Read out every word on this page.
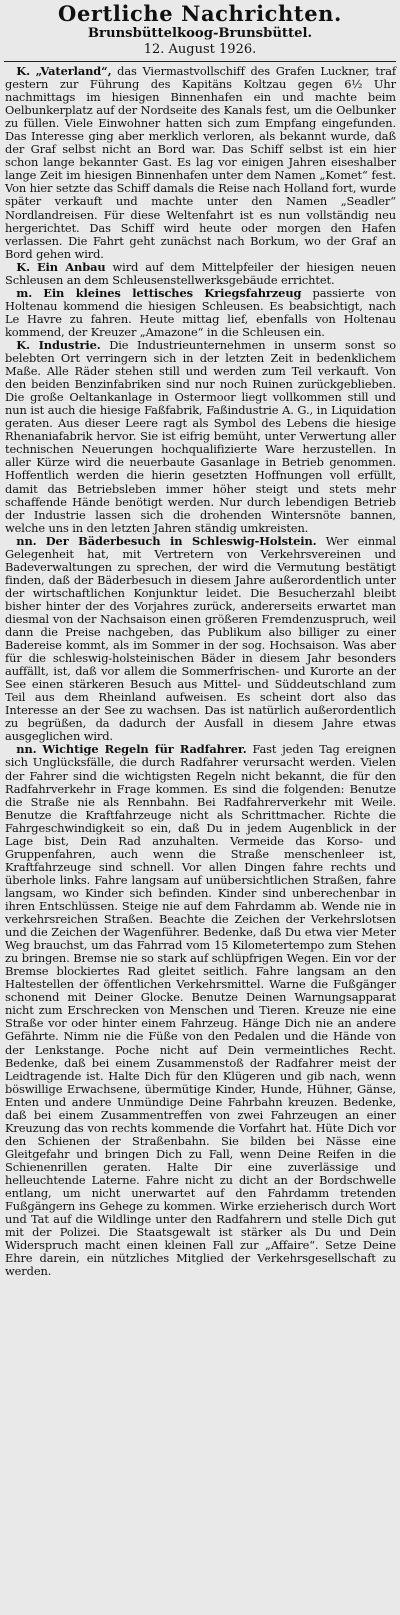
Oertliche Nachrichten.
Brunsbüttelkoog-Brunsbüttel.
12. August 1926.

 K. „Vaterland“, das Viermastvollschiff des Grafen Luckner, traf gestern zur Führung des Kapitäns Koltzau gegen 6½ Uhr nachmittags im hiesigen Binnenhafen ein und machte beim Oelbunkerplatz auf der Nordseite des Kanals fest, um die Oelbunker zu füllen. Viele Einwohner hatten sich zum Empfang eingefunden. Das Interesse ging aber merklich verloren, als bekannt wurde, daß der Graf selbst nicht an Bord war. Das Schiff selbst ist ein hier schon lange bekannter Gast. Es lag vor einigen Jahren eiseshalber lange Zeit im hiesigen Binnenhafen unter dem Namen „Komet“ fest. Von hier setzte das Schiff damals die Reise nach Holland fort, wurde später verkauft und machte unter den Namen „Seadler“ Nordlandreisen. Für diese Weltenfahrt ist es nun vollständig neu hergerichtet. Das Schiff wird heute oder morgen den Hafen verlassen. Die Fahrt geht zunächst nach Borkum, wo der Graf an Bord gehen wird.

 K. Ein Anbau wird auf dem Mittelpfeiler der hiesigen neuen Schleusen an dem Schleusenstellwerksgebäude errichtet.

 m. Ein kleines lettisches Kriegsfahrzeug passierte von Holtenau kommend die hiesigen Schleusen. Es beabsichtigt, nach Le Havre zu fahren. Heute mittag lief, ebenfalls von Holtenau kommend, der Kreuzer „Amazone“ in die Schleusen ein.

 K. Industrie. Die Industrieunternehmen in unserm sonst so belebten Ort verringern sich in der letzten Zeit in bedenklichem Maße. Alle Räder stehen still und werden zum Teil verkauft. Von den beiden Benzinfabriken sind nur noch Ruinen zurückgeblieben. Die große Oeltankanlage in Ostermoor liegt vollkommen still und nun ist auch die hiesige Faßfabrik, Faßindustrie A. G., in Liquidation geraten. Aus dieser Leere ragt als Symbol des Lebens die hiesige Rhenaniafabrik hervor. Sie ist eifrig bemüht, unter Verwertung aller technischen Neuerungen hochqualifizierte Ware herzustellen. In aller Kürze wird die neuerbaute Gasanlage in Betrieb genommen. Hoffentlich werden die hierin gesetzten Hoffnungen voll erfüllt, damit das Betriebsleben immer höher steigt und stets mehr schaffende Hände benötigt werden. Nur durch lebendigen Betrieb der Industrie lassen sich die drohenden Wintersnöte bannen, welche uns in den letzten Jahren ständig umkreisten.

 nn. Der Bäderbesuch in Schleswig-Holstein. Wer einmal Gelegenheit hat, mit Vertretern von Verkehrsvereinen und Badeverwaltungen zu sprechen, der wird die Vermutung bestätigt finden, daß der Bäderbesuch in diesem Jahre außerordentlich unter der wirtschaftlichen Konjunktur leidet. Die Besucherzahl bleibt bisher hinter der des Vorjahres zurück, andererseits erwartet man diesmal von der Nachsaison einen größeren Fremdenzuspruch, weil dann die Preise nachgeben, das Publikum also billiger zu einer Badereise kommt, als im Sommer in der sog. Hochsaison. Was aber für die schleswig-holsteinischen Bäder in diesem Jahr besonders auffällt, ist, daß vor allem die Sommerfrischen- und Kurorte an der See einen stärkeren Besuch aus Mittel- und Süddeutschland zum Teil aus dem Rheinland aufweisen. Es scheint dort also das Interesse an der See zu wachsen. Das ist natürlich außerordentlich zu begrüßen, da dadurch der Ausfall in diesem Jahre etwas ausgeglichen wird.

 nn. Wichtige Regeln für Radfahrer. Fast jeden Tag ereignen sich Unglücksfälle, die durch Radfahrer verursacht werden. Vielen der Fahrer sind die wichtigsten Regeln nicht bekannt, die für den Radfahrverkehr in Frage kommen. Es sind die folgenden: Benutze die Straße nie als Rennbahn. Bei Radfahrerverkehr mit Weile. Benutze die Kraftfahrzeuge nicht als Schrittmacher. Richte die Fahrgeschwindigkeit so ein, daß Du in jedem Augenblick in der Lage bist, Dein Rad anzuhalten. Vermeide das Korso- und Gruppenfahren, auch wenn die Straße menschenleer ist, Kraftfahrzeuge sind schnell. Vor allen Dingen fahre rechts und überhole links. Fahre langsam auf unübersichtlichen Straßen, fahre langsam, wo Kinder sich befinden. Kinder sind unberechenbar in ihren Entschlüssen. Steige nie auf dem Fahrdamm ab. Wende nie in verkehrsreichen Straßen. Beachte die Zeichen der Verkehrslotsen und die Zeichen der Wagenführer. Bedenke, daß Du etwa vier Meter Weg brauchst, um das Fahrrad vom 15 Kilometertempo zum Stehen zu bringen. Bremse nie so stark auf schlüpfrigen Wegen. Ein vor der Bremse blockiertes Rad gleitet seitlich. Fahre langsam an den Haltestellen der öffentlichen Verkehrsmittel. Warne die Fußgänger schonend mit Deiner Glocke. Benutze Deinen Warnungsapparat nicht zum Erschrecken von Menschen und Tieren. Kreuze nie eine Straße vor oder hinter einem Fahrzeug. Hänge Dich nie an andere Gefährte. Nimm nie die Füße von den Pedalen und die Hände von der Lenkstange. Poche nicht auf Dein vermeintliches Recht. Bedenke, daß bei einem Zusammenstoß der Radfahrer meist der Leidtragende ist. Halte Dich für den Klügeren und gib nach, wenn böswillige Erwachsene, übermütige Kinder, Hunde, Hühner, Gänse, Enten und andere Unmündige Deine Fahrbahn kreuzen. Bedenke, daß bei einem Zusammentreffen von zwei Fahrzeugen an einer Kreuzung das von rechts kommende die Vorfahrt hat. Hüte Dich vor den Schienen der Straßenbahn. Sie bilden bei Nässe eine Gleitgefahr und bringen Dich zu Fall, wenn Deine Reifen in die Schienenrillen geraten. Halte Dir eine zuverlässige und helleuchtende Laterne. Fahre nicht zu dicht an der Bordschwelle entlang, um nicht unerwartet auf den Fahrdamm tretenden Fußgängern ins Gehege zu kommen. Wirke erzieherisch durch Wort und Tat auf die Wildlinge unter den Radfahrern und stelle Dich gut mit der Polizei. Die Staatsgewalt ist stärker als Du und Dein Widerspruch macht einen kleinen Fall zur „Affaire“. Setze Deine Ehre darein, ein nützliches Mitglied der Verkehrsgesellschaft zu werden.
